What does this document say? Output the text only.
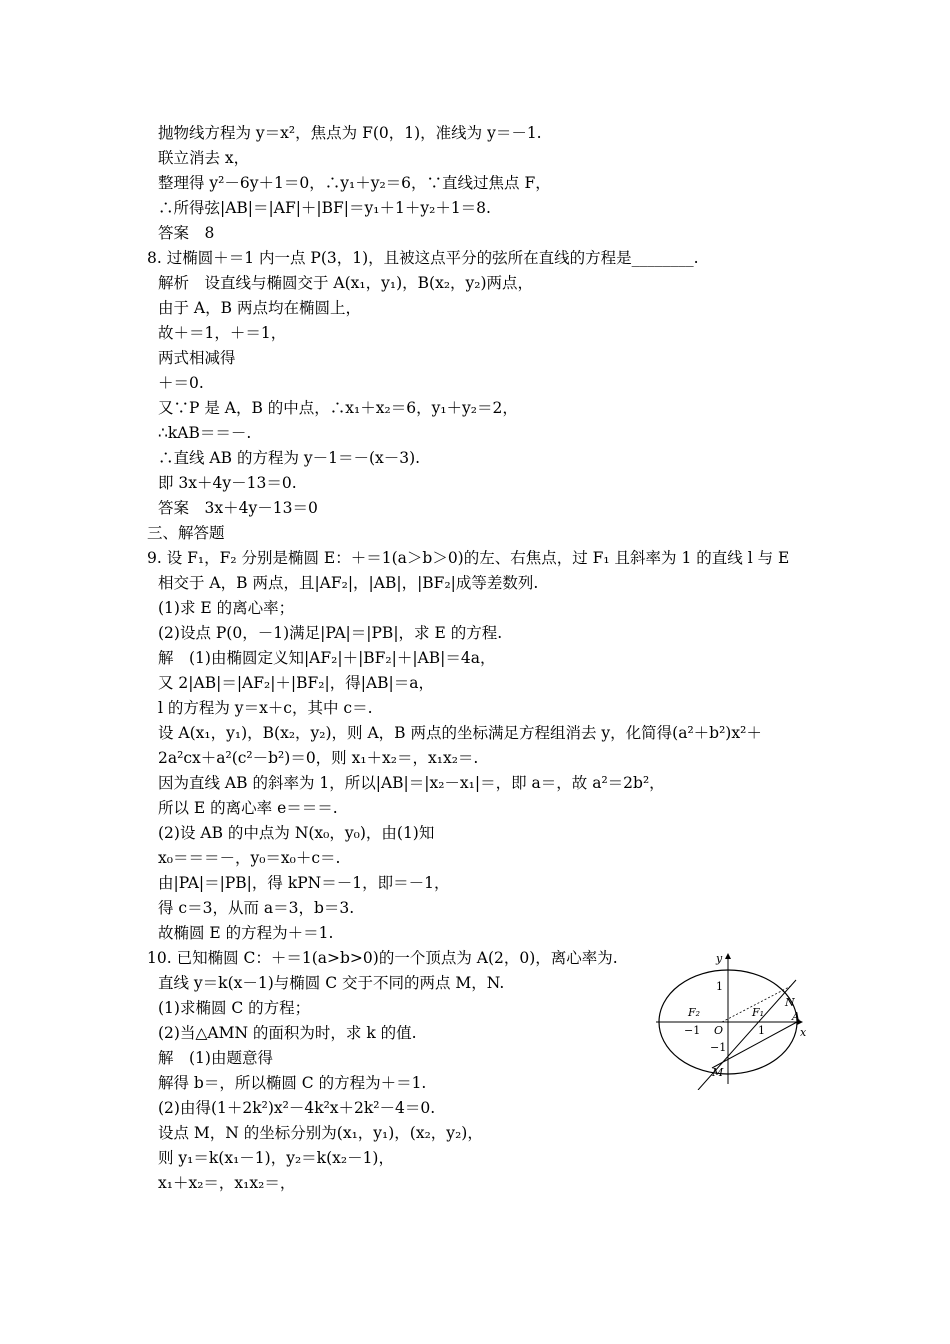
抛物线方程为 y＝x²，焦点为 F(0，1)，准线为 y＝－1.
联立消去 x，
整理得 y²－6y＋1＝0，∴y₁＋y₂＝6，∵直线过焦点 F，
∴所得弦|AB|＝|AF|＋|BF|＝y₁＋1＋y₂＋1＝8.
答案　8
8. 过椭圆＋＝1 内一点 P(3，1)，且被这点平分的弦所在直线的方程是________.
解析　设直线与椭圆交于 A(x₁，y₁)，B(x₂，y₂)两点，
由于 A，B 两点均在椭圆上，
故＋＝1，＋＝1，
两式相减得
＋＝0.
又∵P 是 A，B 的中点，∴x₁＋x₂＝6，y₁＋y₂＝2，
∴kAB＝＝－.
∴直线 AB 的方程为 y－1＝－(x－3).
即 3x＋4y－13＝0.
答案　3x＋4y－13＝0
三、解答题
9. 设 F₁，F₂ 分别是椭圆 E：＋＝1(a＞b＞0)的左、右焦点，过 F₁ 且斜率为 1 的直线 l 与 E
相交于 A，B 两点，且|AF₂|，|AB|，|BF₂|成等差数列.
(1)求 E 的离心率；
(2)设点 P(0，－1)满足|PA|＝|PB|，求 E 的方程.
解　(1)由椭圆定义知|AF₂|＋|BF₂|＋|AB|＝4a，
又 2|AB|＝|AF₂|＋|BF₂|，得|AB|＝a，
l 的方程为 y＝x＋c，其中 c＝.
设 A(x₁，y₁)，B(x₂，y₂)，则 A，B 两点的坐标满足方程组消去 y，化简得(a²＋b²)x²＋
2a²cx＋a²(c²－b²)＝0，则 x₁＋x₂＝，x₁x₂＝.
因为直线 AB 的斜率为 1，所以|AB|＝|x₂－x₁|＝，即 a＝，故 a²＝2b²，
所以 E 的离心率 e＝＝＝.
(2)设 AB 的中点为 N(x₀，y₀)，由(1)知
x₀＝＝＝－，y₀＝x₀＋c＝.
由|PA|＝|PB|，得 kPN＝－1，即＝－1，
得 c＝3，从而 a＝3，b＝3.
故椭圆 E 的方程为＋＝1.
10. 已知椭圆 C：＋＝1(a>b>0)的一个顶点为 A(2，0)，离心率为.
直线 y＝k(x－1)与椭圆 C 交于不同的两点 M，N.
(1)求椭圆 C 的方程；
(2)当△AMN 的面积为时，求 k 的值.
解　(1)由题意得
解得 b＝，所以椭圆 C 的方程为＋＝1.
(2)由得(1＋2k²)x²－4k²x＋2k²－4＝0.
设点 M，N 的坐标分别为(x₁，y₁)，(x₂，y₂)，
则 y₁＝k(x₁－1)，y₂＝k(x₂－1)，
x₁＋x₂＝，x₁x₂＝，
y
x
1
−1 O	1
−1
F₁
F₂	A
N
M
